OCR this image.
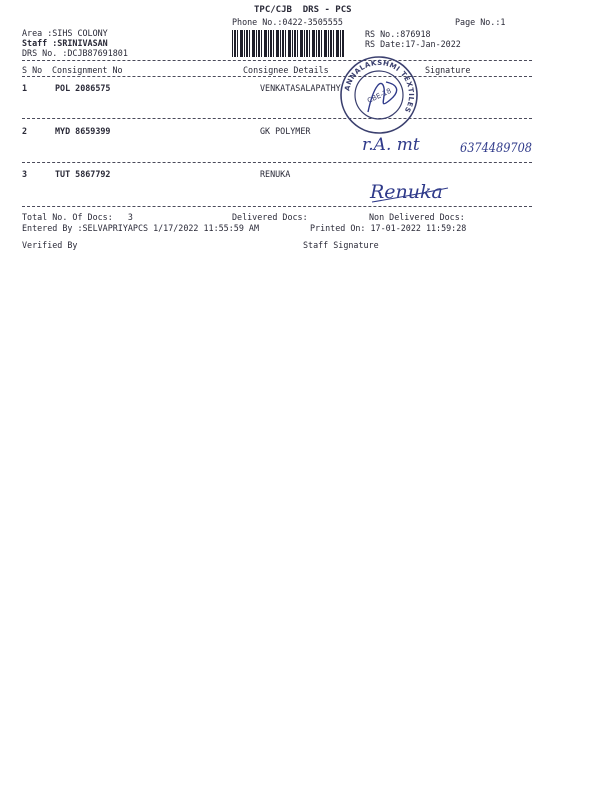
TPC/CJB  DRS - PCS
Phone No.:0422-3505555	Page No.:1
Area :SIHS COLONY
Staff :SRINIVASAN
DRS No. :DCJB87691801
RS No.:876918
RS Date:17-Jan-2022
S No Consignment No	Consignee Details	Signature
1	POL 2086575	VENKATASALAPATHY
2	MYD 8659399	GK POLYMER
3	TUT 5867792	RENUKA
Total No. Of Docs:   3	Delivered Docs:	Non Delivered Docs:
Entered By :SELVAPRIYAPCS 1/17/2022 11:55:59 AM	Printed On: 17-01-2022 11:59:28
Verified By	Staff Signature
ANNALAKSHMI TEXTILES
CBE-18
r.A. mt	6374489708
Renuka
